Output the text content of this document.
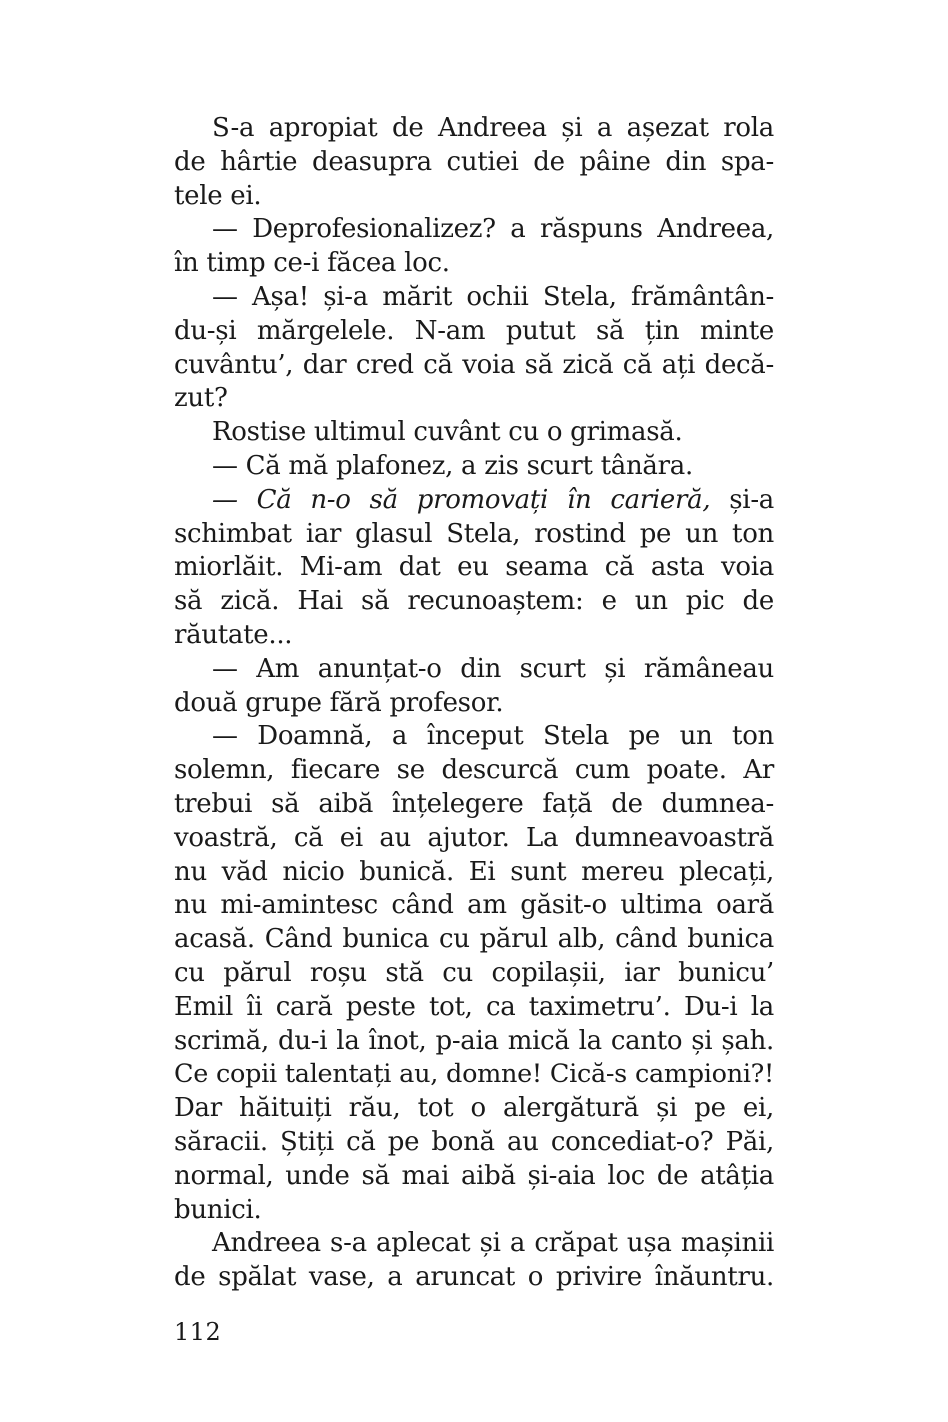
S-a apropiat de Andreea și a așezat rola
de hârtie deasupra cutiei de pâine din spa-
tele ei.
— Deprofesionalizez? a răspuns Andreea,
în timp ce-i făcea loc.
— Așa! și-a mărit ochii Stela, frământân-
du-și mărgelele. N-am putut să țin minte
cuvântu’, dar cred că voia să zică că ați decă-
zut?
Rostise ultimul cuvânt cu o grimasă.
— Că mă plafonez, a zis scurt tânăra.
— Că n-o să promovați în carieră, și-a
schimbat iar glasul Stela, rostind pe un ton
miorlăit. Mi-am dat eu seama că asta voia
să zică. Hai să recunoaștem: e un pic de
răutate...
— Am anunțat-o din scurt și rămâneau
două grupe fără profesor.
— Doamnă, a început Stela pe un ton
solemn, fiecare se descurcă cum poate. Ar
trebui să aibă înțelegere față de dumnea-
voastră, că ei au ajutor. La dumneavoastră
nu văd nicio bunică. Ei sunt mereu plecați,
nu mi-amintesc când am găsit-o ultima oară
acasă. Când bunica cu părul alb, când bunica
cu părul roșu stă cu copilașii, iar bunicu’
Emil îi cară peste tot, ca taximetru’. Du-i la
scrimă, du-i la înot, p-aia mică la canto și șah.
Ce copii talentați au, domne! Cică-s campioni?!
Dar hăituiți rău, tot o alergătură și pe ei,
săracii. Știți că pe bonă au concediat-o? Păi,
normal, unde să mai aibă și-aia loc de atâția
bunici.
Andreea s-a aplecat și a crăpat ușa mașinii
de spălat vase, a aruncat o privire înăuntru.
112
